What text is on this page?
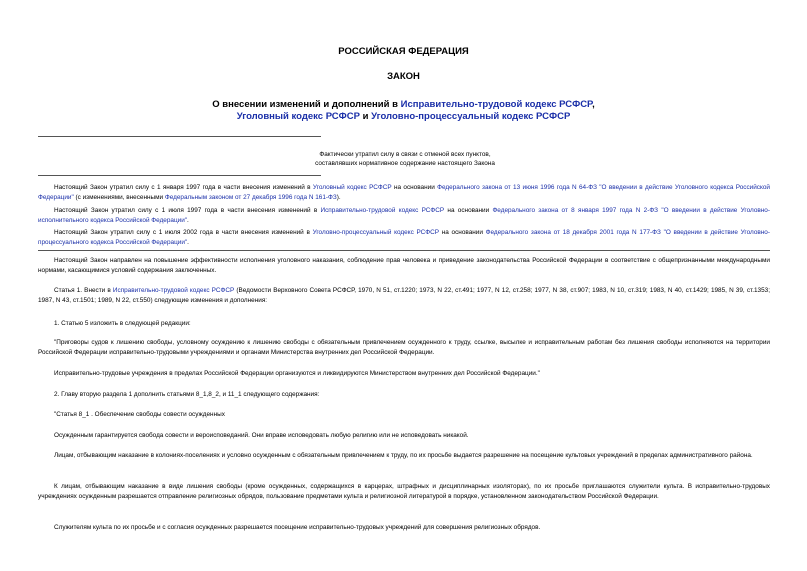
РОССИЙСКАЯ ФЕДЕРАЦИЯ
ЗАКОН
О внесении изменений и дополнений в Исправительно-трудовой кодекс РСФСР,
Уголовный кодекс РСФСР и Уголовно-процессуальный кодекс РСФСР
Фактически утратил силу в связи с отменой всех пунктов,
составлявших нормативное содержание настоящего Закона

Настоящий Закон утратил силу с 1 января 1997 года в части внесения изменений в Уголовный кодекс РСФСР на основании Федерального закона от 13 июня 1996 года N 64-ФЗ "О введении в действие Уголовного кодекса Российской Федерации" (с изменениями, внесенными Федеральным законом от 27 декабря 1996 года N 161-ФЗ).

Настоящий Закон утратил силу с 1 июля 1997 года в части внесения изменений в Исправительно-трудовой кодекс РСФСР на основании Федерального закона от 8 января 1997 года N 2-ФЗ "О введении в действие Уголовно-исполнительного кодекса Российской Федерации".

Настоящий Закон утратил силу с 1 июля 2002 года в части внесения изменений в Уголовно-процессуальный кодекс РСФСР на основании Федерального закона от 18 декабря 2001 года N 177-ФЗ "О введении в действие Уголовно-процессуального кодекса Российской Федерации".

Настоящий Закон направлен на повышение эффективности исполнения уголовного наказания, соблюдение прав человека и приведение законодательства Российской Федерации в соответствие с общепризнанными международными нормами, касающимися условий содержания заключенных.

Статья 1. Внести в Исправительно-трудовой кодекс РСФСР (Ведомости Верховного Совета РСФСР, 1970, N 51, ст.1220; 1973, N 22, ст.491; 1977, N 12, ст.258; 1977, N 38, ст.907; 1983, N 10, ст.319; 1983, N 40, ст.1429; 1985, N 39, ст.1353; 1987, N 43, ст.1501; 1989, N 22, ст.550) следующие изменения и дополнения:

1. Статью 5 изложить в следующей редакции:

"Приговоры судов к лишению свободы, условному осуждению к лишению свободы с обязательным привлечением осужденного к труду, ссылке, высылке и исправительным работам без лишения свободы исполняются на территории Российской Федерации исправительно-трудовыми учреждениями и органами Министерства внутренних дел Российской Федерации.

Исправительно-трудовые учреждения в пределах Российской Федерации организуются и ликвидируются Министерством внутренних дел Российской Федерации."

2. Главу вторую раздела 1 дополнить статьями 8_1,8_2, и 11_1 следующего содержания:

"Статья 8_1 . Обеспечение свободы совести осужденных

Осужденным гарантируется свобода совести и вероисповеданий. Они вправе исповедовать любую религию или не исповедовать никакой.

Лицам, отбывающим наказание в колониях-поселениях и условно осужденным с обязательным привлечением к труду, по их просьбе выдается разрешение на посещение культовых учреждений в пределах административного района.

К лицам, отбывающим наказание в виде лишения свободы (кроме осужденных, содержащихся в карцерах, штрафных и дисциплинарных изоляторах), по их просьбе приглашаются служители культа. В исправительно-трудовых учреждениях осужденным разрешается отправление религиозных обрядов, пользование предметами культа и религиозной литературой в порядке, установленном законодательством Российской Федерации.

Служителям культа по их просьбе и с согласия осужденных разрешается посещение исправительно-трудовых учреждений для совершения религиозных обрядов.
